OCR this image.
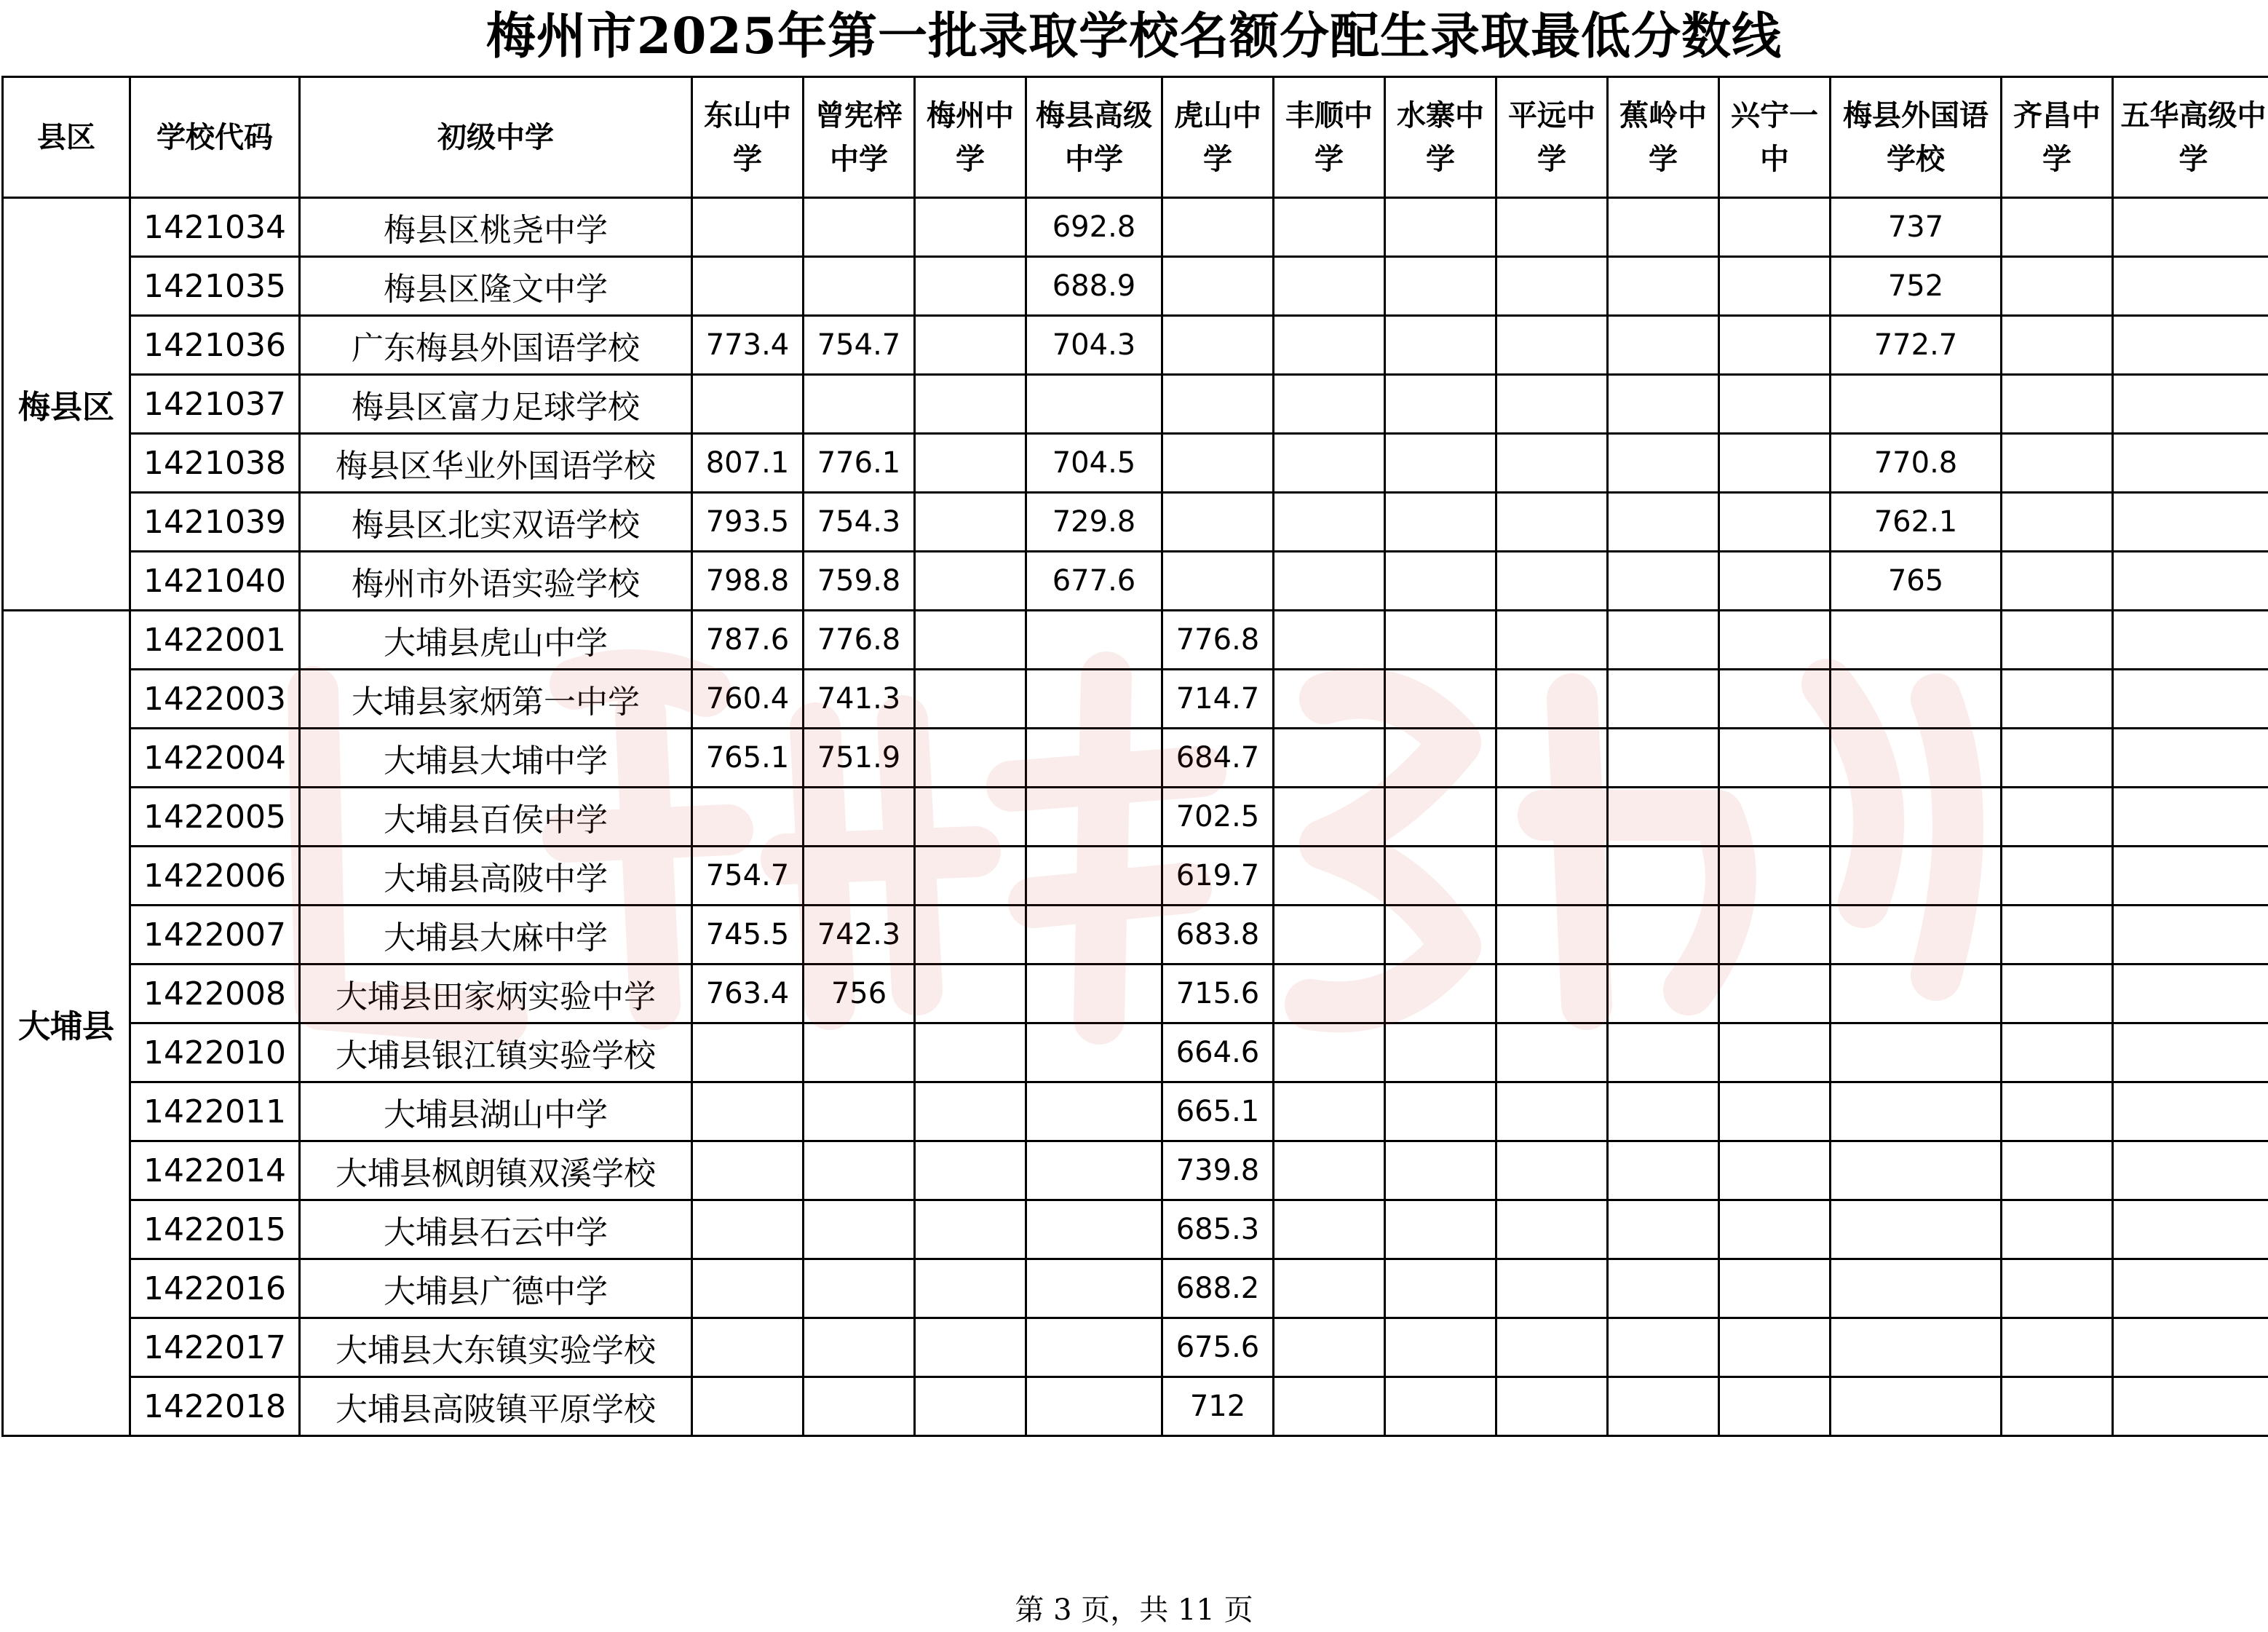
梅州市2025年第一批录取学校名额分配生录取最低分数线
县区	学校代码	初级中学	东山中学	曾宪梓中学	梅州中学	梅县高级中学	虎山中学	丰顺中学	水寨中学	平远中学	蕉岭中学	兴宁一中	梅县外国语学校	齐昌中学	五华高级中学
梅县区	1421034	梅县区桃尧中学				692.8							737		
	1421035	梅县区隆文中学				688.9							752		
	1421036	广东梅县外国语学校	773.4	754.7		704.3							772.7		
	1421037	梅县区富力足球学校													
	1421038	梅县区华业外国语学校	807.1	776.1		704.5							770.8		
	1421039	梅县区北实双语学校	793.5	754.3		729.8							762.1		
	1421040	梅州市外语实验学校	798.8	759.8		677.6							765		
大埔县	1422001	大埔县虎山中学	787.6	776.8			776.8								
	1422003	大埔县家炳第一中学	760.4	741.3			714.7								
	1422004	大埔县大埔中学	765.1	751.9			684.7								
	1422005	大埔县百侯中学					702.5								
	1422006	大埔县高陂中学	754.7				619.7								
	1422007	大埔县大麻中学	745.5	742.3			683.8								
	1422008	大埔县田家炳实验中学	763.4	756			715.6								
	1422010	大埔县银江镇实验学校					664.6								
	1422011	大埔县湖山中学					665.1								
	1422014	大埔县枫朗镇双溪学校					739.8								
	1422015	大埔县石云中学					685.3								
	1422016	大埔县广德中学					688.2								
	1422017	大埔县大东镇实验学校					675.6								
	1422018	大埔县高陂镇平原学校					712								
第 3 页，共 11 页
